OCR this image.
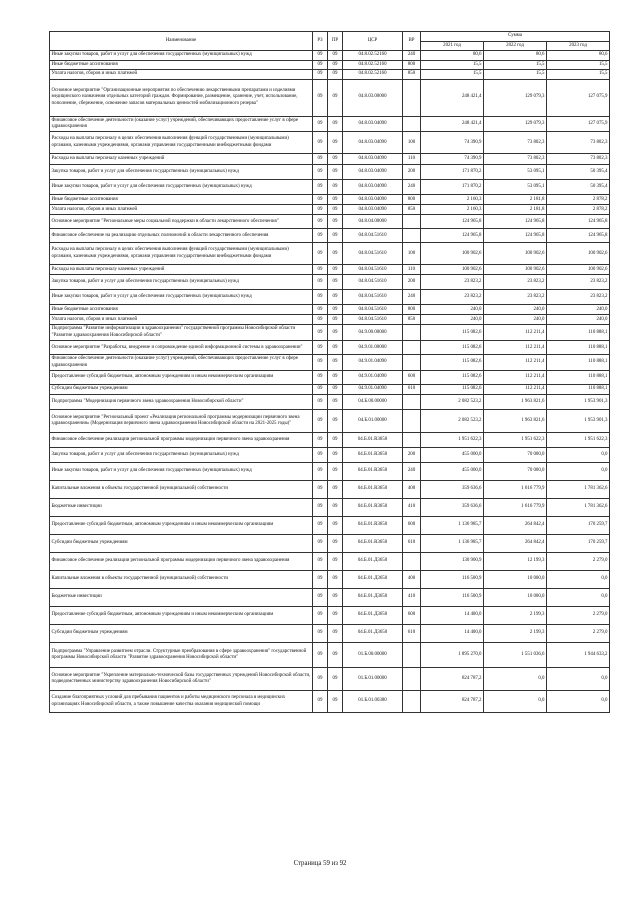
Наименование	РЗ	ПР	ЦСР	ВР	Сумма		
					2021 год	2022 год	2023 год
Иные закупки товаров, работ и услуг для обеспечения государственных (муниципальных) нужд	09	09	04.8.02.52160	240	80,6	80,6	80,6
Иные бюджетные ассигнования	09	09	04.8.02.52160	800	15,5	15,5	15,5
Уплата налогов, сборов и иных платежей	09	09	04.8.02.52160	850	15,5	15,5	15,5
Основное мероприятие "Организационные мероприятия по обеспечению лекарственными препаратами и изделиями медицинского назначения отдельных категорий граждан. Формирование, размещение, хранение, учет, использование, пополнение, сбережение, освежение запасов материальных ценностей мобилизационного резерва"	09	09	04.8.03.00000		248 421,4	129 079,3	127 075,9
Финансовое обеспечение деятельности (оказание услуг) учреждений, обеспечивающих предоставление услуг в сфере здравоохранения	09	09	04.8.03.04090		248 421,4	129 079,3	127 075,9
Расходы на выплаты персоналу в целях обеспечения выполнения функций государственными (муниципальными) органами, казенными учреждениями, органами управления государственными внебюджетными фондами	09	09	04.8.03.04090	100	74 390,9	73 802,3	73 802,3
Расходы на выплаты персоналу казенных учреждений	09	09	04.8.03.04090	110	74 390,9	73 802,3	73 802,3
Закупка товаров, работ и услуг для обеспечения государственных (муниципальных) нужд	09	09	04.8.03.04090	200	171 870,2	53 095,1	50 395,4
Иные закупки товаров, работ и услуг для обеспечения государственных (муниципальных) нужд	09	09	04.8.03.04090	240	171 870,2	53 095,1	50 395,4
Иные бюджетные ассигнования	09	09	04.8.03.04090	800	2 160,3	2 181,8	2 878,2
Уплата налогов, сборов и иных платежей	09	09	04.8.03.04090	850	2 160,3	2 181,8	2 878,2
Основное мероприятие "Региональные меры социальной поддержки в области лекарственного обеспечения"	09	09	04.8.04.00000		124 965,8	124 965,8	124 965,8
Финансовое обеспечение на реализацию отдельных полномочий в области лекарственного обеспечения	09	09	04.8.04.51610		124 965,8	124 965,8	124 965,8
Расходы на выплаты персоналу в целях обеспечения выполнения функций государственными (муниципальными) органами, казенными учреждениями, органами управления государственными внебюджетными фондами	09	09	04.8.04.51610	100	100 902,6	100 902,6	100 902,6
Расходы на выплаты персоналу казенных учреждений	09	09	04.8.04.51610	110	100 902,6	100 902,6	100 902,6
Закупка товаров, работ и услуг для обеспечения государственных (муниципальных) нужд	09	09	04.8.04.51610	200	23 823,2	23 823,2	23 823,2
Иные закупки товаров, работ и услуг для обеспечения государственных (муниципальных) нужд	09	09	04.8.04.51610	240	23 823,2	23 823,2	23 823,2
Иные бюджетные ассигнования	09	09	04.8.04.51610	800	240,0	240,0	240,0
Уплата налогов, сборов и иных платежей	09	09	04.8.04.51610	850	240,0	240,0	240,0
Подпрограмма "Развитие информатизации в здравоохранении" государственной программы Новосибирской области "Развитие здравоохранения Новосибирской области"	09	09	04.9.00.00000		115 082,6	112 211,4	110 888,1
Основное мероприятие "Разработка, внедрение и сопровождение единой информационной системы в здравоохранении"	09	09	04.9.01.00000		115 082,6	112 211,4	110 888,1
Финансовое обеспечение деятельности (оказание услуг) учреждений, обеспечивающих предоставление услуг в сфере здравоохранения	09	09	04.9.01.04090		115 082,6	112 211,4	110 888,1
Предоставление субсидий бюджетным, автономным учреждениям и иным некоммерческим организациям	09	09	04.9.01.04090	600	115 082,6	112 211,4	110 888,1
Субсидии бюджетным учреждениям	09	09	04.9.01.04090	610	115 082,6	112 211,4	110 888,1
Подпрограмма "Модернизация первичного звена здравоохранения Новосибирской области"	09	09	04.Б.00.00000		2 082 523,2	1 963 821,6	1 953 901,3
Основное мероприятие "Региональный проект «Реализация региональной программы модернизации первичного звена здравоохранения» (Модернизация первичного звена здравоохранения Новосибирской области на 2021-2025 годы)"	09	09	04.Б.01.00000		2 082 523,2	1 963 821,6	1 953 901,3
Финансовое обеспечение реализации региональной программы модернизации первичного звена здравоохранения	09	09	04.Б.01.R3650		1 951 622,3	1 951 622,3	1 951 622,3
Закупка товаров, работ и услуг для обеспечения государственных (муниципальных) нужд	09	09	04.Б.01.R3650	200	455 000,0	70 000,0	0,0
Иные закупки товаров, работ и услуг для обеспечения государственных (муниципальных) нужд	09	09	04.Б.01.R3650	240	455 000,0	70 000,0	0,0
Капитальные вложения в объекты государственной (муниципальной) собственности	09	09	04.Б.01.R3650	400	359 636,6	1 616 779,9	1 781 362,6
Бюджетные инвестиции	09	09	04.Б.01.R3650	410	359 636,6	1 616 779,9	1 781 362,6
Предоставление субсидий бюджетным, автономным учреждениям и иным некоммерческим организациям	09	09	04.Б.01.R3650	600	1 136 985,7	264 842,4	170 259,7
Субсидии бюджетным учреждениям	09	09	04.Б.01.R3650	610	1 136 985,7	264 842,4	170 259,7
Финансовое обеспечение реализации региональной программы модернизации первичного звена здравоохранения	09	09	04.Б.01.Д3650		130 900,9	12 199,3	2 279,0
Капитальные вложения в объекты государственной (муниципальной) собственности	09	09	04.Б.01.Д3650	400	116 500,9	10 000,0	0,0
Бюджетные инвестиции	09	09	04.Б.01.Д3650	410	116 500,9	10 000,0	0,0
Предоставление субсидий бюджетным, автономным учреждениям и иным некоммерческим организациям	09	09	04.Б.01.Д3650	600	14 400,0	2 199,3	2 279,0
Субсидии бюджетным учреждениям	09	09	04.Б.01.Д3650	610	14 400,0	2 199,3	2 279,0
Подпрограмма "Управление развитием отрасли. Структурные преобразования в сфере здравоохранения" государственной программы Новосибирской области "Развитие здравоохранения Новосибирской области"	09	09	01.Б.00.00000		1 895 270,0	1 551 036,6	1 944 633,2
Основное мероприятие "Укрепление материально-технической базы государственных учреждений Новосибирской области, подведомственных министерству здравоохранения Новосибирской области"	09	09	01.Б.01.00000		824 787,2	0,0	0,0
Создание благоприятных условий для пребывания пациентов и работы медицинского персонала в медицинских организациях Новосибирской области, а также повышение качества оказания медицинской помощи	09	09	01.Б.01.00380		824 787,2	0,0	0,0
Страница 59 из 92
